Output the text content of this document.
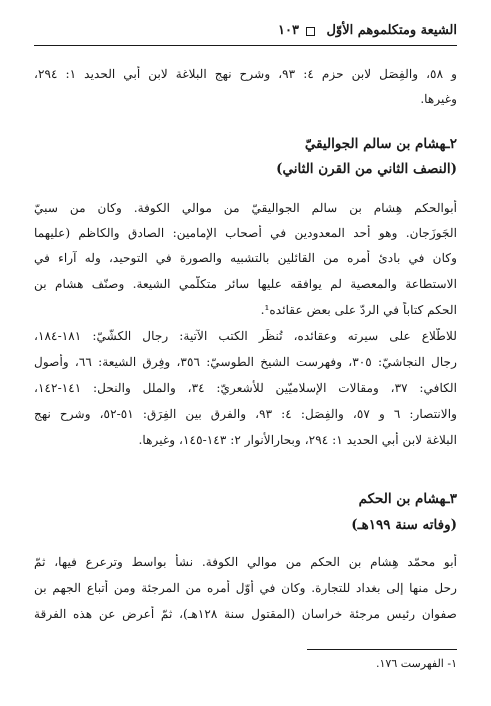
الشيعة ومتكلموهم الأوّل
١٠٣
و ٥٨، والفِصَل لابن حزم ٤: ٩٣، وشرح نهج البلاغة لابن أبي الحديد ١: ٢٩٤،
وغيرها.
٢ـهشام بن سالم الجواليقيّ
(النصف الثاني من القرن الثاني)
أبوالحكم هِشام بن سالم الجواليقيّ من موالي الكوفة. وكان من سبيّ
الجَوزَجان. وهو أحد المعدودين في أصحاب الإمامين: الصادق والكاظم (عليهما
وكان في بادئ أمره من القائلين بالتشبيه والصورة في التوحيد، وله آراء في
الاستطاعة والمعصية لم يوافقه عليها سائر متكلّمي الشيعة. وصنّف هشام بن
الحكم كتاباً في الردّ على بعض عقائده¹.
للاطّلاع على سيرته وعقائده، تُنظَر الكتب الآتية: رجال الكشّيّ: ١٨١-١٨٤،
رجال النجاشيّ: ٣٠٥، وفهرست الشيخ الطوسيّ: ٣٥٦، وفِرق الشيعة: ٦٦، وأُصول
الكافي: ٣٧، ومقالات الإسلاميّين للأشعريّ: ٣٤، والملل والنحل: ١٤١-١٤٢،
والانتصار: ٦ و ٥٧، والفِصَل: ٤: ٩٣، والفرق بين الفِرَق: ٥١-٥٢، وشرح نهج
البلاغة لابن أبي الحديد ١: ٢٩٤، وبحارالأنوار ٢: ١٤٣-١٤٥، وغيرها.
٣ـهشام بن الحكم
(وفاته سنة ١٩٩هـ)
أبو محمّد هِشام بن الحكم من موالي الكوفة. نشأ بواسط وترعرع فيها، ثمّ
رحل منها إلى بغداد للتجارة. وكان في أوّل أمره من المرجئة ومن أتباع الجهم بن
صفوان رئيس مرجئة خراسان (المقتول سنة ١٢٨هـ)، ثمّ أعرض عن هذه الفرقة
١- الفهرست ١٧٦.
